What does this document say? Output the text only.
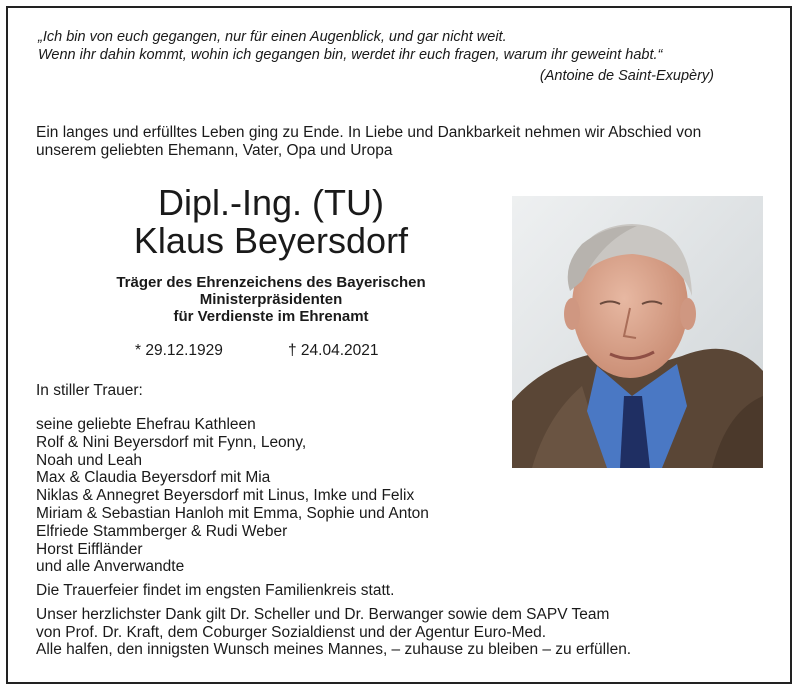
„Ich bin von euch gegangen, nur für einen Augenblick, und gar nicht weit.
Wenn ihr dahin kommt, wohin ich gegangen bin, werdet ihr euch fragen, warum ihr geweint habt.“
(Antoine de Saint-Exupèry)
Ein langes und erfülltes Leben ging zu Ende. In Liebe und Dankbarkeit nehmen wir Abschied von
unserem geliebten Ehemann, Vater, Opa und Uropa
Dipl.-Ing. (TU)
Klaus Beyersdorf
Träger des Ehrenzeichens des Bayerischen
Ministerpräsidenten
für Verdienste im Ehrenamt
* 29.12.1929	† 24.04.2021
In stiller Trauer:
seine geliebte Ehefrau Kathleen
Rolf & Nini Beyersdorf mit Fynn, Leony,
Noah und Leah
Max & Claudia Beyersdorf mit Mia
Niklas & Annegret Beyersdorf mit Linus, Imke und Felix
Miriam & Sebastian Hanloh mit Emma, Sophie und Anton
Elfriede Stammberger & Rudi Weber
Horst Eiffländer
und alle Anverwandte

Die Trauerfeier findet im engsten Familienkreis statt.

Unser herzlichster Dank gilt Dr. Scheller und Dr. Berwanger sowie dem SAPV Team

von Prof. Dr. Kraft, dem Coburger Sozialdienst und der Agentur Euro-Med.

Alle halfen, den innigsten Wunsch meines Mannes, – zuhause zu bleiben – zu erfüllen.
